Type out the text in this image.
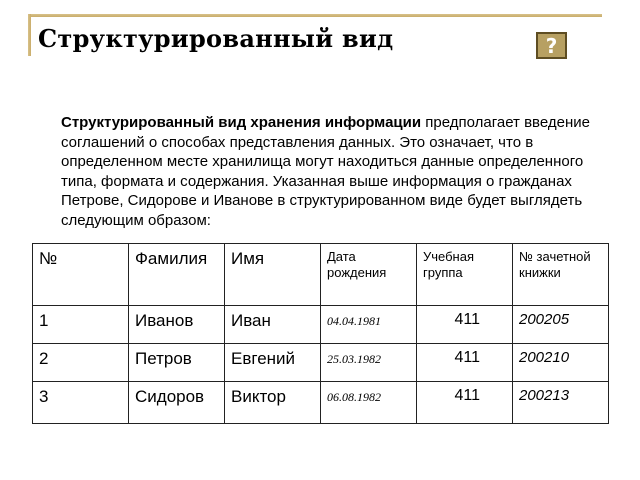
Структурированный вид	?
Структурированный вид хранения информации предполагает введение соглашений о способах представления данных. Это означает, что в определенном месте хранилища могут находиться данные определенного типа, формата и содержания. Указанная выше информация о гражданах Петрове, Сидорове и Иванове в структурированном виде будет выглядеть следующим образом:
№	Фамилия	Имя	Дата рождения	Учебная группа	№ зачетной книжки
1	Иванов	Иван	04.04.1981	411	200205
2	Петров	Евгений	25.03.1982	411	200210
3	Сидоров	Виктор	06.08.1982	411	200213
